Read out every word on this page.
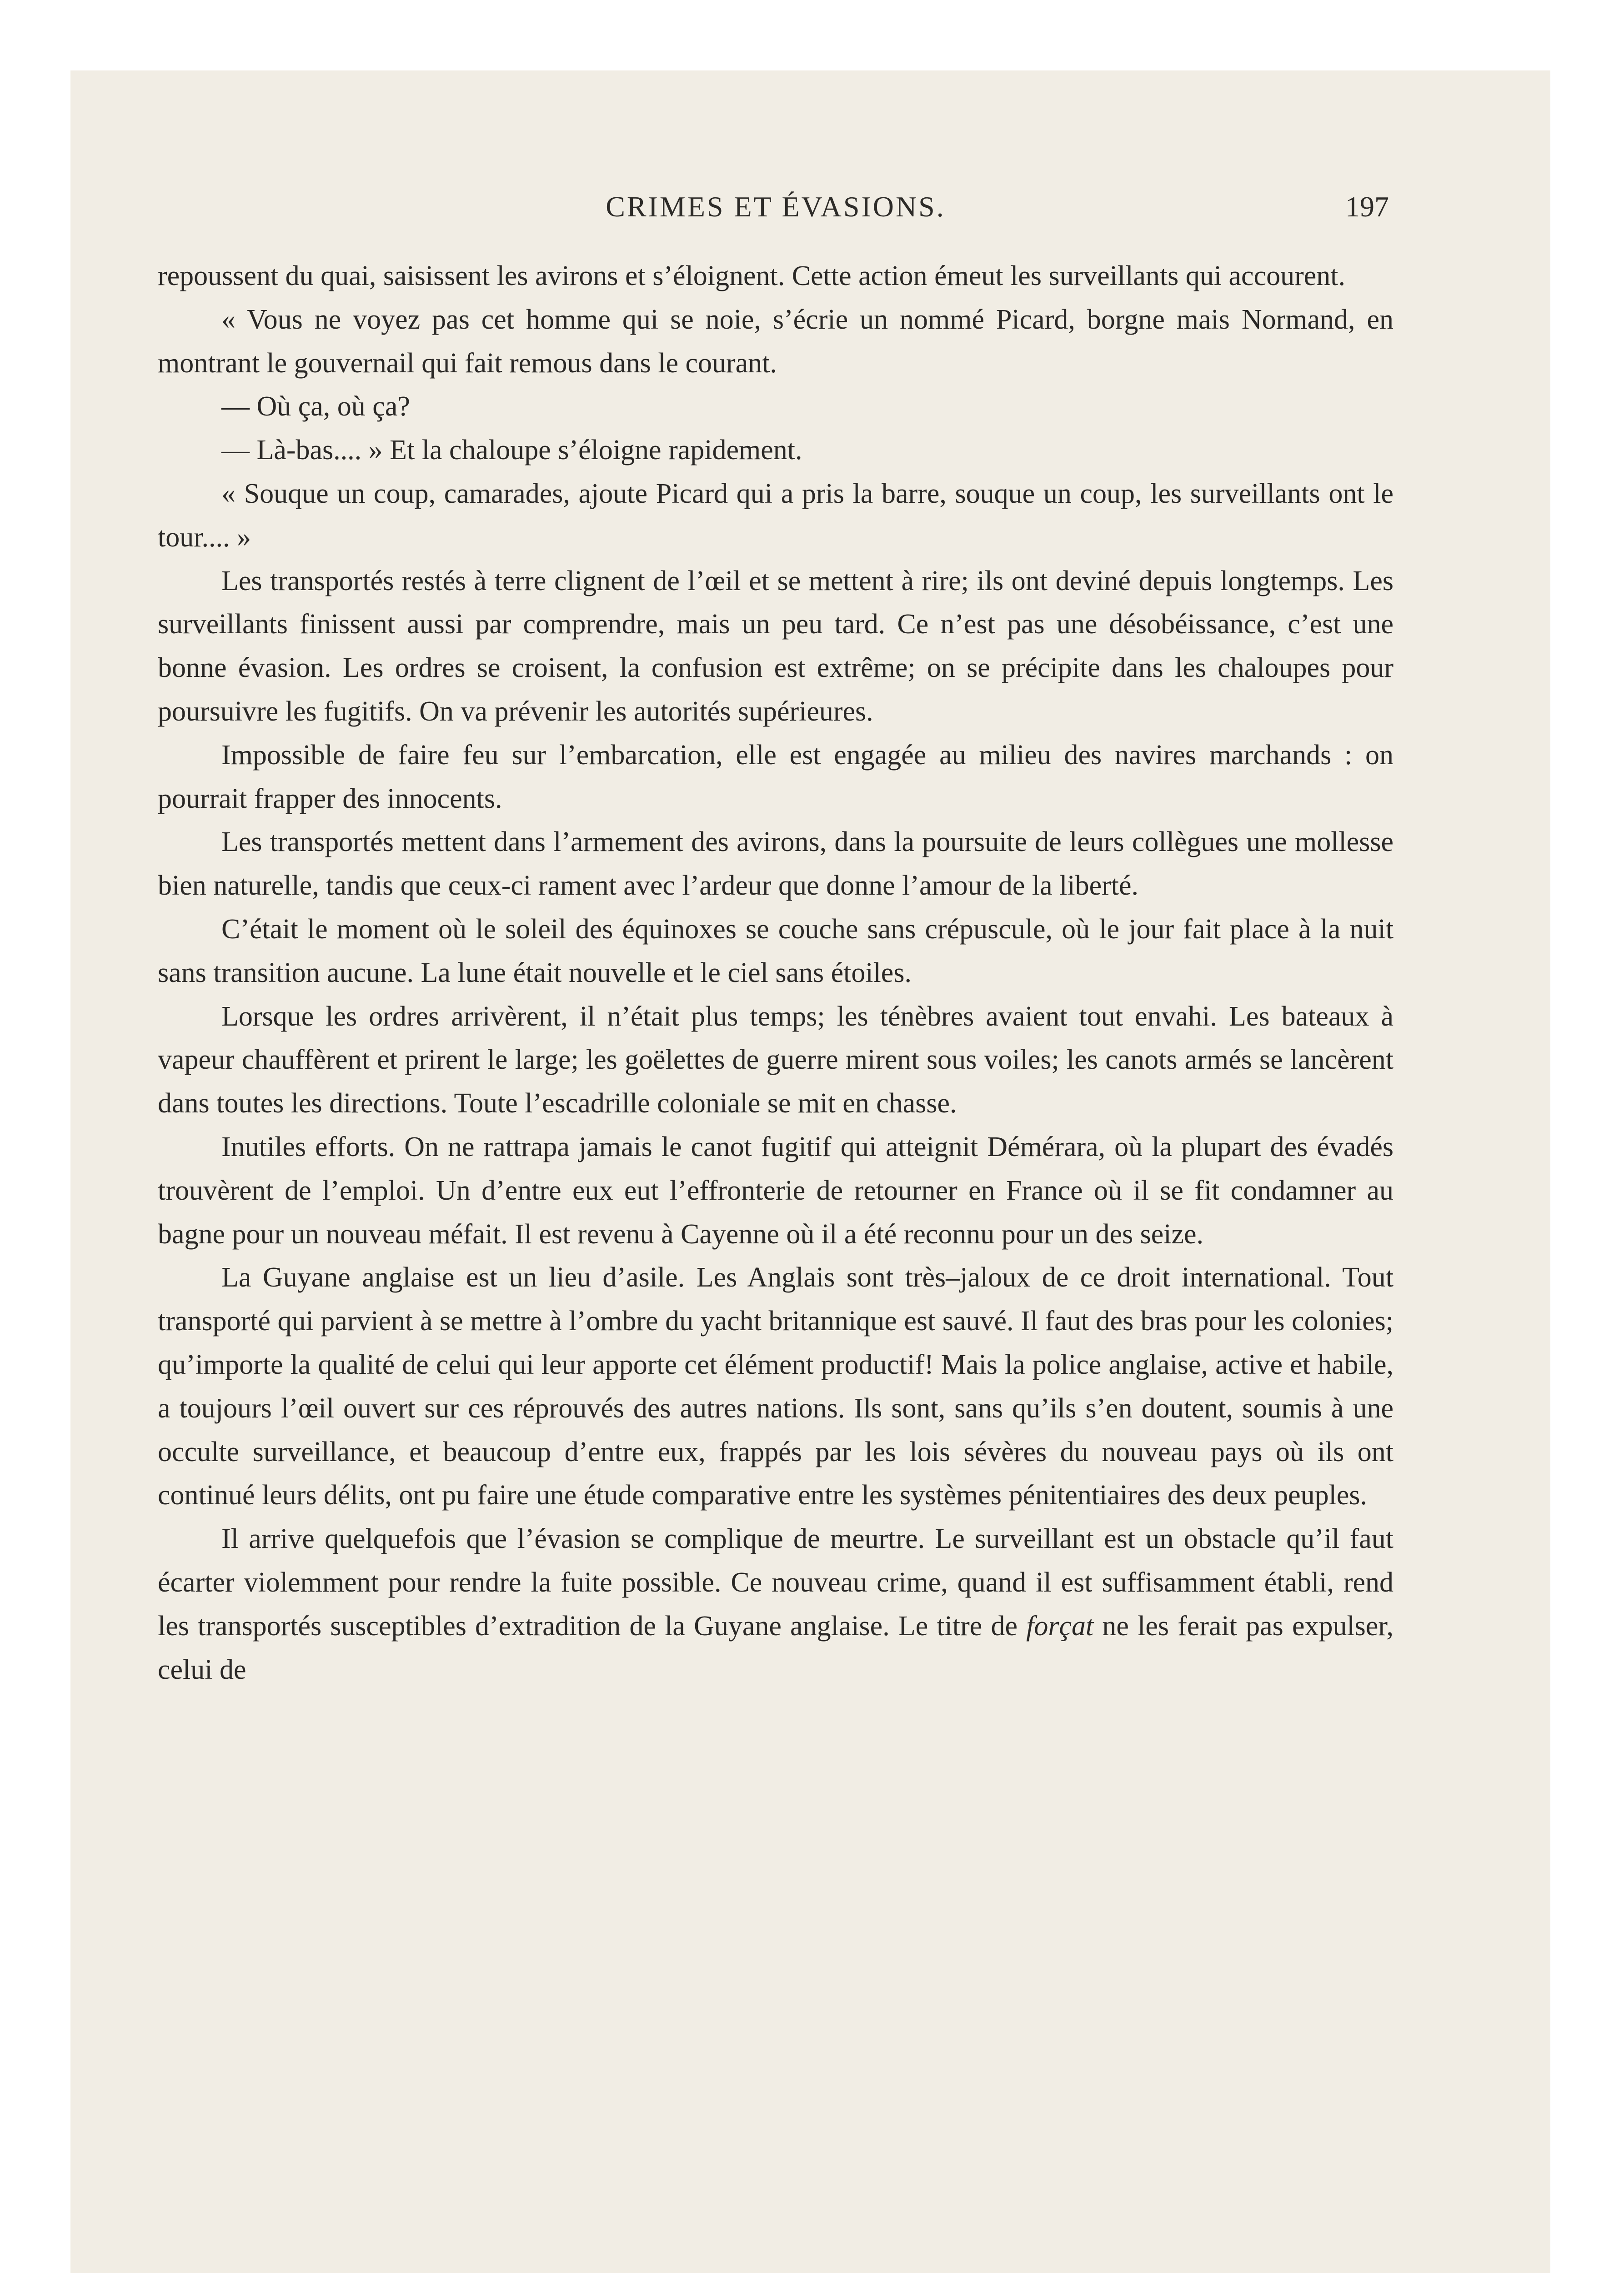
CRIMES ET ÉVASIONS.	197

repoussent du quai, saisissent les avirons et s’éloignent. Cette action émeut les surveillants qui accourent.

« Vous ne voyez pas cet homme qui se noie, s’écrie un nommé Picard, borgne mais Normand, en montrant le gouvernail qui fait remous dans le courant.

— Où ça, où ça?

— Là-bas.... » Et la chaloupe s’éloigne rapidement.

« Souque un coup, camarades, ajoute Picard qui a pris la barre, souque un coup, les surveillants ont le tour.... »

Les transportés restés à terre clignent de l’œil et se mettent à rire; ils ont deviné depuis longtemps. Les surveillants finissent aussi par comprendre, mais un peu tard. Ce n’est pas une désobéissance, c’est une bonne évasion. Les ordres se croisent, la confusion est extrême; on se précipite dans les chaloupes pour poursuivre les fugitifs. On va prévenir les autorités supérieures.

Impossible de faire feu sur l’embarcation, elle est engagée au milieu des navires marchands : on pourrait frapper des innocents.

Les transportés mettent dans l’armement des avirons, dans la poursuite de leurs collègues une mollesse bien naturelle, tandis que ceux-ci rament avec l’ardeur que donne l’amour de la liberté.

C’était le moment où le soleil des équinoxes se couche sans crépuscule, où le jour fait place à la nuit sans transition aucune. La lune était nouvelle et le ciel sans étoiles.

Lorsque les ordres arrivèrent, il n’était plus temps; les ténèbres avaient tout envahi. Les bateaux à vapeur chauffèrent et prirent le large; les goëlettes de guerre mirent sous voiles; les canots armés se lancèrent dans toutes les directions. Toute l’escadrille coloniale se mit en chasse.

Inutiles efforts. On ne rattrapa jamais le canot fugitif qui atteignit Démérara, où la plupart des évadés trouvèrent de l’emploi. Un d’entre eux eut l’effronterie de retourner en France où il se fit condamner au bagne pour un nouveau méfait. Il est revenu à Cayenne où il a été reconnu pour un des seize.

La Guyane anglaise est un lieu d’asile. Les Anglais sont très–jaloux de ce droit international. Tout transporté qui parvient à se mettre à l’ombre du yacht britannique est sauvé. Il faut des bras pour les colonies; qu’importe la qualité de celui qui leur apporte cet élément productif! Mais la police anglaise, active et habile, a toujours l’œil ouvert sur ces réprouvés des autres nations. Ils sont, sans qu’ils s’en doutent, soumis à une occulte surveillance, et beaucoup d’entre eux, frappés par les lois sévères du nouveau pays où ils ont continué leurs délits, ont pu faire une étude comparative entre les systèmes pénitentiaires des deux peuples.

Il arrive quelquefois que l’évasion se complique de meurtre. Le surveillant est un obstacle qu’il faut écarter violemment pour rendre la fuite possible. Ce nouveau crime, quand il est suffisamment établi, rend les transportés susceptibles d’extradition de la Guyane anglaise. Le titre de forçat ne les ferait pas expulser, celui de
